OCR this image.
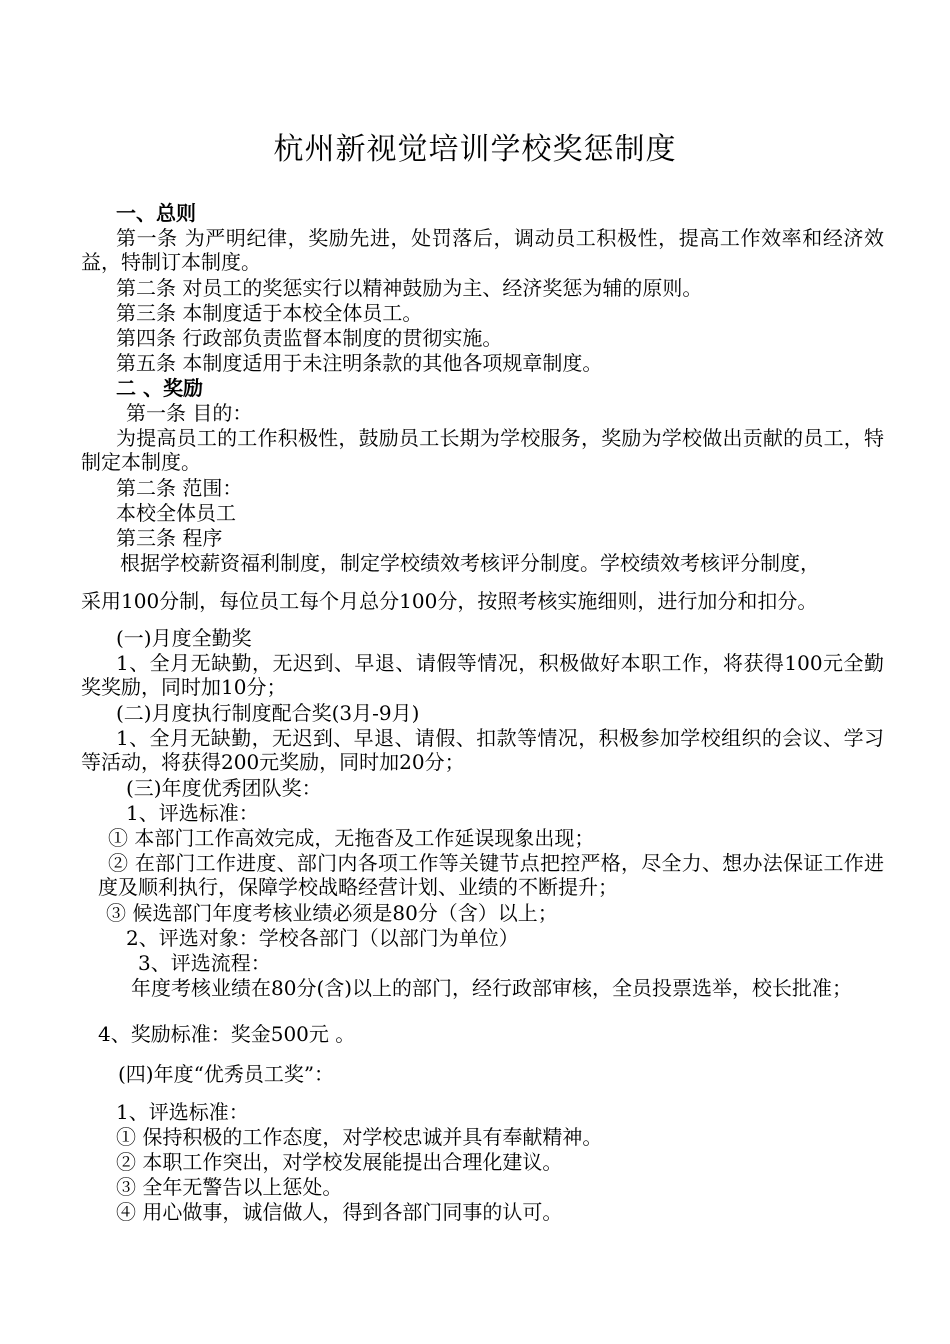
杭州新视觉培训学校奖惩制度

一、总则

第一条 为严明纪律，奖励先进，处罚落后，调动员工积极性，提高工作效率和经济效益，特制订本制度。

第二条 对员工的奖惩实行以精神鼓励为主、经济奖惩为辅的原则。

第三条 本制度适于本校全体员工。

第四条 行政部负责监督本制度的贯彻实施。

第五条 本制度适用于未注明条款的其他各项规章制度。

二 、奖励

第一条 目的：

为提高员工的工作积极性，鼓励员工长期为学校服务，奖励为学校做出贡献的员工，特制定本制度。

第二条 范围：

本校全体员工

第三条 程序

根据学校薪资福利制度，制定学校绩效考核评分制度。学校绩效考核评分制度，

采用100分制，每位员工每个月总分100分，按照考核实施细则，进行加分和扣分。

(一)月度全勤奖

1、全月无缺勤，无迟到、早退、请假等情况，积极做好本职工作，将获得100元全勤奖奖励，同时加10分；

(二)月度执行制度配合奖(3月-9月)

1、全月无缺勤，无迟到、早退、请假、扣款等情况，积极参加学校组织的会议、学习等活动，将获得200元奖励，同时加20分；

(三)年度优秀团队奖：

1、评选标准：

① 本部门工作高效完成，无拖沓及工作延误现象出现；

② 在部门工作进度、部门内各项工作等关键节点把控严格，尽全力、想办法保证工作进度及顺利执行，保障学校战略经营计划、业绩的不断提升；

③ 候选部门年度考核业绩必须是80分（含）以上；

2、评选对象：学校各部门（以部门为单位）

3、评选流程：

年度考核业绩在80分(含)以上的部门，经行政部审核，全员投票选举，校长批准；

4、奖励标准：奖金500元 。

(四)年度“优秀员工奖”：

1、评选标准：

① 保持积极的工作态度，对学校忠诚并具有奉献精神。

② 本职工作突出，对学校发展能提出合理化建议。

③ 全年无警告以上惩处。

④ 用心做事，诚信做人，得到各部门同事的认可。
